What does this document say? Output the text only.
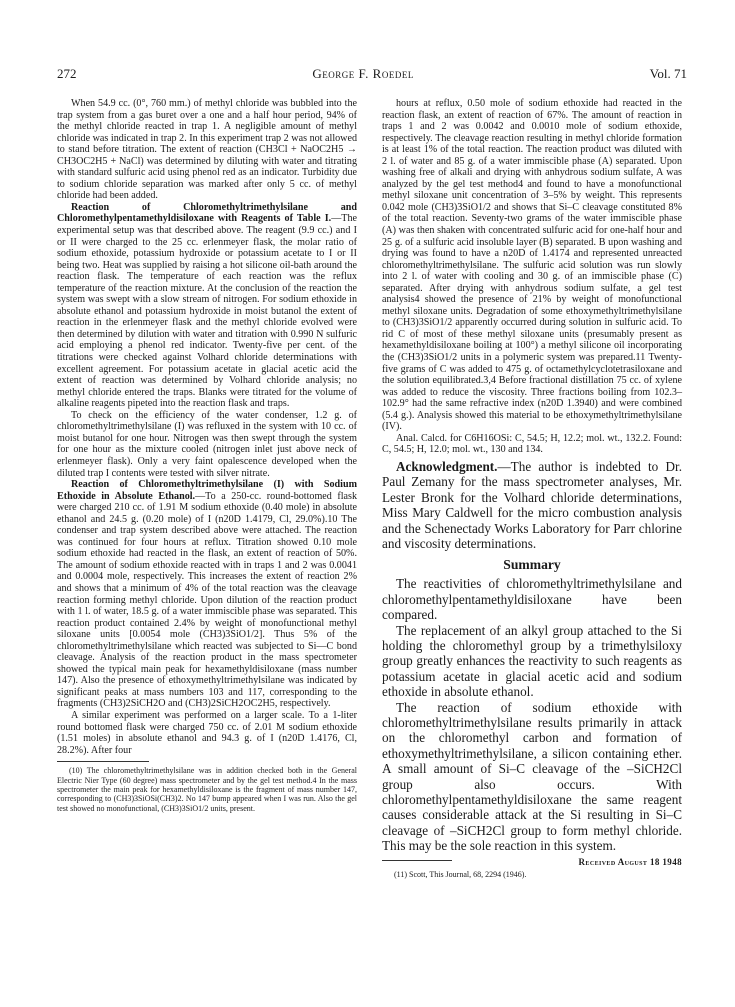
272	George F. Roedel	Vol. 71

When 54.9 cc. (0°, 760 mm.) of methyl chloride was bubbled into the trap system from a gas buret over a one and a half hour period, 94% of the methyl chloride reacted in trap 1. A negligible amount of methyl chloride was indicated in trap 2. In this experiment trap 2 was not allowed to stand before titration. The extent of reaction (CH3Cl + NaOC2H5 → CH3OC2H5 + NaCl) was determined by diluting with water and titrating with standard sulfuric acid using phenol red as an indicator. Turbidity due to sodium chloride separation was marked after only 5 cc. of methyl chloride had been added.

Reaction of Chloromethyltrimethylsilane and Chloromethylpentamethyldisiloxane with Reagents of Table I.—The experimental setup was that described above. The reagent (9.9 cc.) and I or II were charged to the 25 cc. erlenmeyer flask, the molar ratio of sodium ethoxide, potassium hydroxide or potassium acetate to I or II being two. Heat was supplied by raising a hot silicone oil-bath around the reaction flask. The temperature of each reaction was the reflux temperature of the reaction mixture. At the conclusion of the reaction the system was swept with a slow stream of nitrogen. For sodium ethoxide in absolute ethanol and potassium hydroxide in moist butanol the extent of reaction in the erlenmeyer flask and the methyl chloride evolved were then determined by dilution with water and titration with 0.990 N sulfuric acid employing a phenol red indicator. Twenty-five per cent. of the titrations were checked against Volhard chloride determinations with excellent agreement. For potassium acetate in glacial acetic acid the extent of reaction was determined by Volhard chloride analysis; no methyl chloride entered the traps. Blanks were titrated for the volume of alkaline reagents pipeted into the reaction flask and traps.

To check on the efficiency of the water condenser, 1.2 g. of chloromethyltrimethylsilane (I) was refluxed in the system with 10 cc. of moist butanol for one hour. Nitrogen was then swept through the system for one hour as the mixture cooled (nitrogen inlet just above neck of erlenmeyer flask). Only a very faint opalescence developed when the diluted trap I contents were tested with silver nitrate.

Reaction of Chloromethyltrimethylsilane (I) with Sodium Ethoxide in Absolute Ethanol.—To a 250-cc. round-bottomed flask were charged 210 cc. of 1.91 M sodium ethoxide (0.40 mole) in absolute ethanol and 24.5 g. (0.20 mole) of I (n20D 1.4179, Cl, 29.0%).10 The condenser and trap system described above were attached. The reaction was continued for four hours at reflux. Titration showed 0.10 mole sodium ethoxide had reacted in the flask, an extent of reaction of 50%. The amount of sodium ethoxide reacted with in traps 1 and 2 was 0.0041 and 0.0004 mole, respectively. This increases the extent of reaction 2% and shows that a minimum of 4% of the total reaction was the cleavage reaction forming methyl chloride. Upon dilution of the reaction product with 1 l. of water, 18.5 g. of a water immiscible phase was separated. This reaction product contained 2.4% by weight of monofunctional methyl siloxane units [0.0054 mole (CH3)3SiO1/2]. Thus 5% of the chloromethyltrimethylsilane which reacted was subjected to Si—C bond cleavage. Analysis of the reaction product in the mass spectrometer showed the typical main peak for hexamethyldisiloxane (mass number 147). Also the presence of ethoxymethyltrimethylsilane was indicated by significant peaks at mass numbers 103 and 117, corresponding to the fragments (CH3)2SiCH2O and (CH3)2SiCH2OC2H5, respectively.

A similar experiment was performed on a larger scale. To a 1-liter round bottomed flask were charged 750 cc. of 2.01 M sodium ethoxide (1.51 moles) in absolute ethanol and 94.3 g. of I (n20D 1.4176, Cl, 28.2%). After four

(10) The chloromethyltrimethylsilane was in addition checked both in the General Electric Nier Type (60 degree) mass spectrometer and by the gel test method.4 In the mass spectrometer the main peak for hexamethyldisiloxane is the fragment of mass number 147, corresponding to (CH3)3SiOSi(CH3)2. No 147 bump appeared when I was run. Also the gel test showed no monofunctional, (CH3)3SiO1/2 units, present.

hours at reflux, 0.50 mole of sodium ethoxide had reacted in the reaction flask, an extent of reaction of 67%. The amount of reaction in traps 1 and 2 was 0.0042 and 0.0010 mole of sodium ethoxide, respectively. The cleavage reaction resulting in methyl chloride formation is at least 1% of the total reaction. The reaction product was diluted with 2 l. of water and 85 g. of a water immiscible phase (A) separated. Upon washing free of alkali and drying with anhydrous sodium sulfate, A was analyzed by the gel test method4 and found to have a monofunctional methyl siloxane unit concentration of 3–5% by weight. This represents 0.042 mole (CH3)3SiO1/2 and shows that Si–C cleavage constituted 8% of the total reaction. Seventy-two grams of the water immiscible phase (A) was then shaken with concentrated sulfuric acid for one-half hour and 25 g. of a sulfuric acid insoluble layer (B) separated. B upon washing and drying was found to have a n20D of 1.4174 and represented unreacted chloromethyltrimethylsilane. The sulfuric acid solution was run slowly into 2 l. of water with cooling and 30 g. of an immiscible phase (C) separated. After drying with anhydrous sodium sulfate, a gel test analysis4 showed the presence of 21% by weight of monofunctional methyl siloxane units. Degradation of some ethoxymethyltrimethylsilane to (CH3)3SiO1/2 apparently occurred during solution in sulfuric acid. To rid C of most of these methyl siloxane units (presumably present as hexamethyldisiloxane boiling at 100°) a methyl silicone oil incorporating the (CH3)3SiO1/2 units in a polymeric system was prepared.11 Twenty-five grams of C was added to 475 g. of octamethylcyclotetrasiloxane and the solution equilibrated.3,4 Before fractional distillation 75 cc. of xylene was added to reduce the viscosity. Three fractions boiling from 102.3–102.9° had the same refractive index (n20D 1.3940) and were combined (5.4 g.). Analysis showed this material to be ethoxymethyltrimethylsilane (IV).

Anal. Calcd. for C6H16OSi: C, 54.5; H, 12.2; mol. wt., 132.2. Found: C, 54.5; H, 12.0; mol. wt., 130 and 134.

Acknowledgment.—The author is indebted to Dr. Paul Zemany for the mass spectrometer analyses, Mr. Lester Bronk for the Volhard chloride determinations, Miss Mary Caldwell for the micro combustion analysis and the Schenectady Works Laboratory for Parr chlorine and viscosity determinations.

Summary

The reactivities of chloromethyltrimethylsilane and chloromethylpentamethyldisiloxane have been compared.

The replacement of an alkyl group attached to the Si holding the chloromethyl group by a trimethylsiloxy group greatly enhances the reactivity to such reagents as potassium acetate in glacial acetic acid and sodium ethoxide in absolute ethanol.

The reaction of sodium ethoxide with chloromethyltrimethylsilane results primarily in attack on the chloromethyl carbon and formation of ethoxymethyltrimethylsilane, a silicon containing ether. A small amount of Si–C cleavage of the –SiCH2Cl group also occurs. With chloromethylpentamethyldisiloxane the same reagent causes considerable attack at the Si resulting in Si–C cleavage of –SiCH2Cl group to form methyl chloride. This may be the sole reaction in this system.

Received August 18 1948

(11) Scott, This Journal, 68, 2294 (1946).
